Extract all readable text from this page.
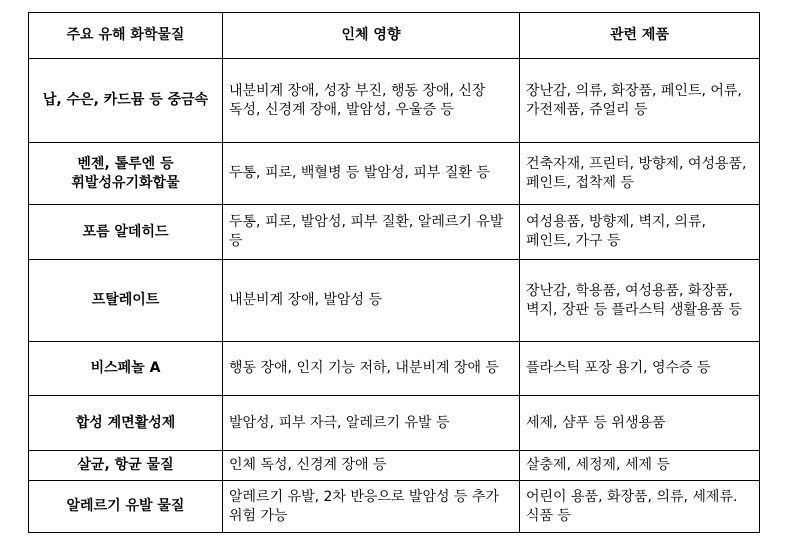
주요 유해 화학물질	인체 영향	관련 제품
납, 수은, 카드뮴 등 중금속	내분비계 장애, 성장 부진, 행동 장애, 신장 독성, 신경계 장애, 발암성, 우울증 등	장난감, 의류, 화장품, 페인트, 어류, 가전제품, 쥬얼리 등
벤젠, 톨루엔 등 휘발성유기화합물	두통, 피로, 백혈병 등 발암성, 피부 질환 등	건축자재, 프린터, 방향제, 여성용품, 페인트, 접착제 등
포름 알데히드	두통, 피로, 발암성, 피부 질환, 알레르기 유발 등	여성용품, 방향제, 벽지, 의류, 페인트, 가구 등
프탈레이트	내분비계 장애, 발암성 등	장난감, 학용품, 여성용품, 화장품, 벽지, 장판 등 플라스틱 생활용품 등
비스페놀 A	행동 장애, 인지 기능 저하, 내분비계 장애 등	플라스틱 포장 용기, 영수증 등
합성 계면활성제	발암성, 피부 자극, 알레르기 유발 등	세제, 샴푸 등 위생용품
살균, 항균 물질	인체 독성, 신경계 장애 등	살충제, 세정제, 세제 등
알레르기 유발 물질	알레르기 유발, 2차 반응으로 발암성 등 추가 위험 가능	어린이 용품, 화장품, 의류, 세제류. 식품 등
